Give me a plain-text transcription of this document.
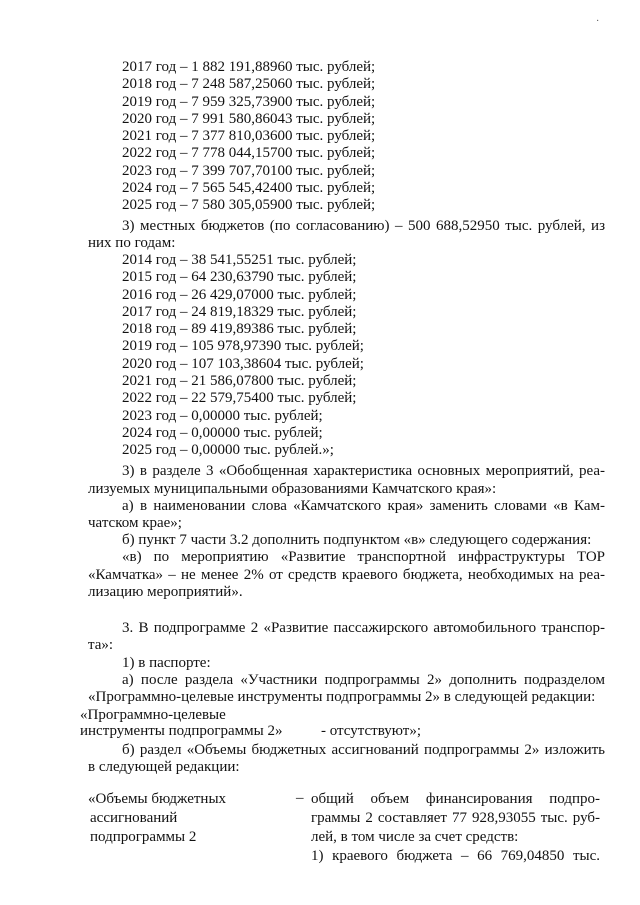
·
2017 год – 1 882 191,88960 тыс. рублей;
2018 год – 7 248 587,25060 тыс. рублей;
2019 год – 7 959 325,73900 тыс. рублей;
2020 год – 7 991 580,86043 тыс. рублей;
2021 год – 7 377 810,03600 тыс. рублей;
2022 год – 7 778 044,15700 тыс. рублей;
2023 год – 7 399 707,70100 тыс. рублей;
2024 год – 7 565 545,42400 тыс. рублей;
2025 год – 7 580 305,05900 тыс. рублей;
3) местных бюджетов (по согласованию) – 500 688,52950 тыс. рублей, из
них по годам:
2014 год – 38 541,55251 тыс. рублей;
2015 год – 64 230,63790 тыс. рублей;
2016 год – 26 429,07000 тыс. рублей;
2017 год – 24 819,18329 тыс. рублей;
2018 год – 89 419,89386 тыс. рублей;
2019 год – 105 978,97390 тыс. рублей;
2020 год – 107 103,38604 тыс. рублей;
2021 год – 21 586,07800 тыс. рублей;
2022 год – 22 579,75400 тыс. рублей;
2023 год – 0,00000 тыс. рублей;
2024 год – 0,00000 тыс. рублей;
2025 год – 0,00000 тыс. рублей.»;
3) в разделе 3 «Обобщенная характеристика основных мероприятий, реа-
лизуемых муниципальными образованиями Камчатского края»:
а) в наименовании слова «Камчатского края» заменить словами «в Кам-
чатском крае»;
б) пункт 7 части 3.2 дополнить подпунктом «в» следующего содержания:
«в) по мероприятию «Развитие транспортной инфраструктуры ТОР
«Камчатка» – не менее 2% от средств краевого бюджета, необходимых на реа-
лизацию мероприятий».
3. В подпрограмме 2 «Развитие пассажирского автомобильного транспор-
та»:
1) в паспорте:
а) после раздела «Участники подпрограммы 2» дополнить подразделом
«Программно-целевые инструменты подпрограммы 2» в следующей редакции:
«Программно-целевые
инструменты подпрограммы 2»	- отсутствуют»;
б) раздел «Объемы бюджетных ассигнований подпрограммы 2» изложить
в следующей редакции:
«Объемы бюджетных
ассигнований
подпрограммы 2
– общий объем финансирования подпро-
граммы 2 составляет 77 928,93055 тыс. руб-
лей, в том числе за счет средств:
1) краевого бюджета – 66 769,04850 тыс.
